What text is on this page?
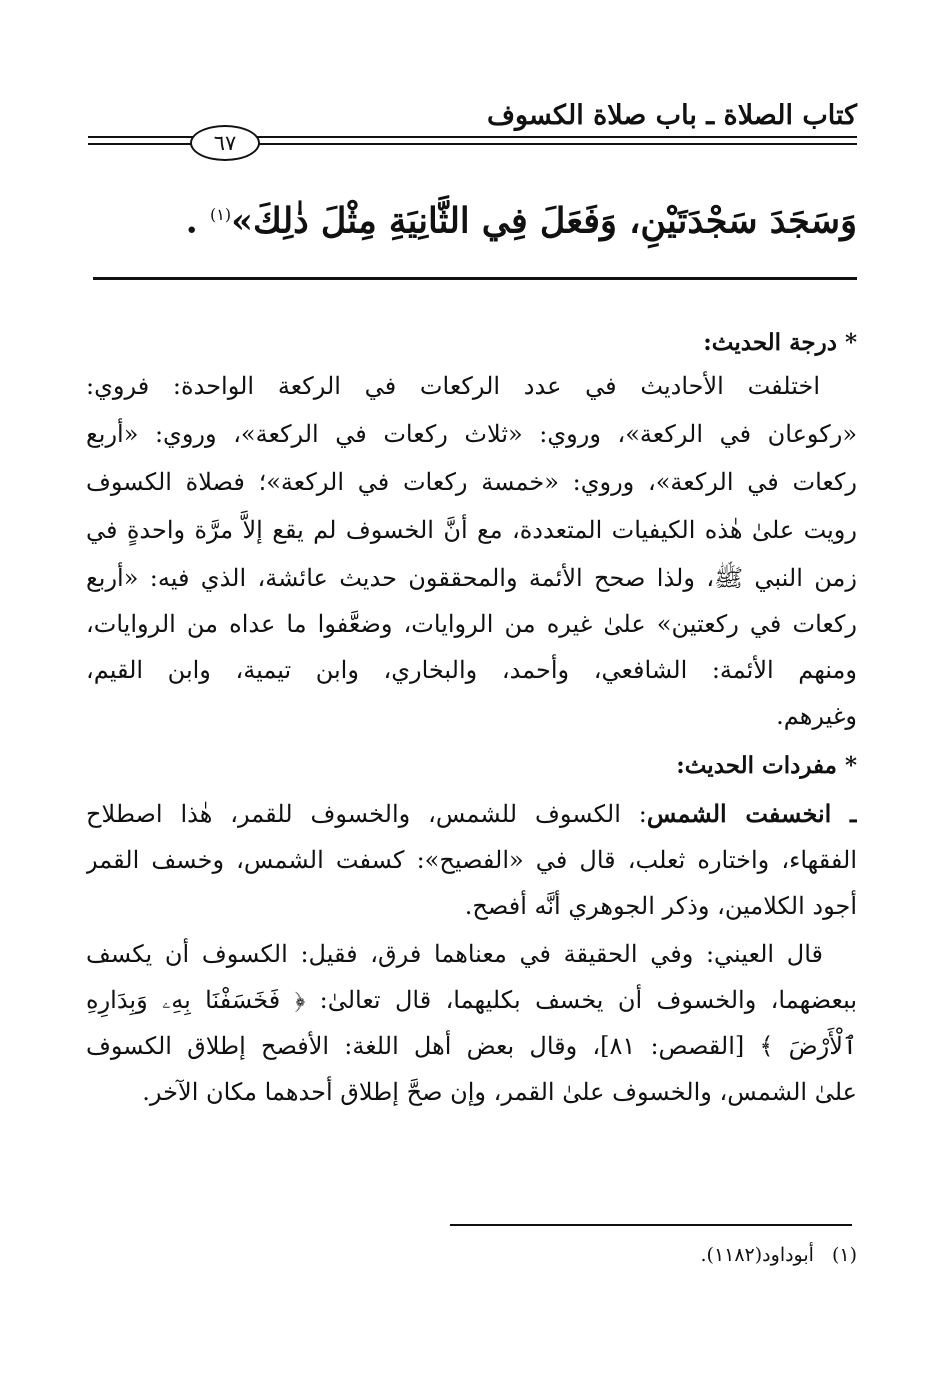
كتاب الصلاة ـ باب صلاة الكسوف
٦٧
وَسَجَدَ سَجْدَتَيْنِ، وَفَعَلَ فِي الثَّانِيَةِ مِثْلَ ذٰلِكَ»$^{(١)}$ .
* درجة الحديث:
اختلفت الأحاديث في عدد الركعات في الركعة الواحدة: فروي:
«ركوعان في الركعة»، وروي: «ثلاث ركعات في الركعة»، وروي: «أربع
ركعات في الركعة»، وروي: «خمسة ركعات في الركعة»؛ فصلاة الكسوف
رويت علىٰ هٰذه الكيفيات المتعددة، مع أنَّ الخسوف لم يقع إلاَّ مرَّة واحدةٍ في
زمن النبي ﷺ، ولذا صحح الأئمة والمحققون حديث عائشة، الذي فيه: «أربع
ركعات في ركعتين» علىٰ غيره من الروايات، وضعَّفوا ما عداه من الروايات،
ومنهم الأئمة: الشافعي، وأحمد، والبخاري، وابن تيمية، وابن القيم،
وغيرهم.
* مفردات الحديث:
ـ انخسفت الشمس: الكسوف للشمس، والخسوف للقمر، هٰذا اصطلاح
الفقهاء، واختاره ثعلب، قال في «الفصيح»: كسفت الشمس، وخسف القمر
أجود الكلامين، وذكر الجوهري أنَّه أفصح.
قال العيني: وفي الحقيقة في معناهما فرق، فقيل: الكسوف أن يكسف
ببعضهما، والخسوف أن يخسف بكليهما، قال تعالىٰ: ﴿ فَخَسَفْنَا بِهِۦ وَبِدَارِهِ
ٱلْأَرْضَ ﴾ [القصص: ٨١]، وقال بعض أهل اللغة: الأفصح إطلاق الكسوف
علىٰ الشمس، والخسوف علىٰ القمر، وإن صحَّ إطلاق أحدهما مكان الآخر.
(١)أبوداود(١١٨٢).
